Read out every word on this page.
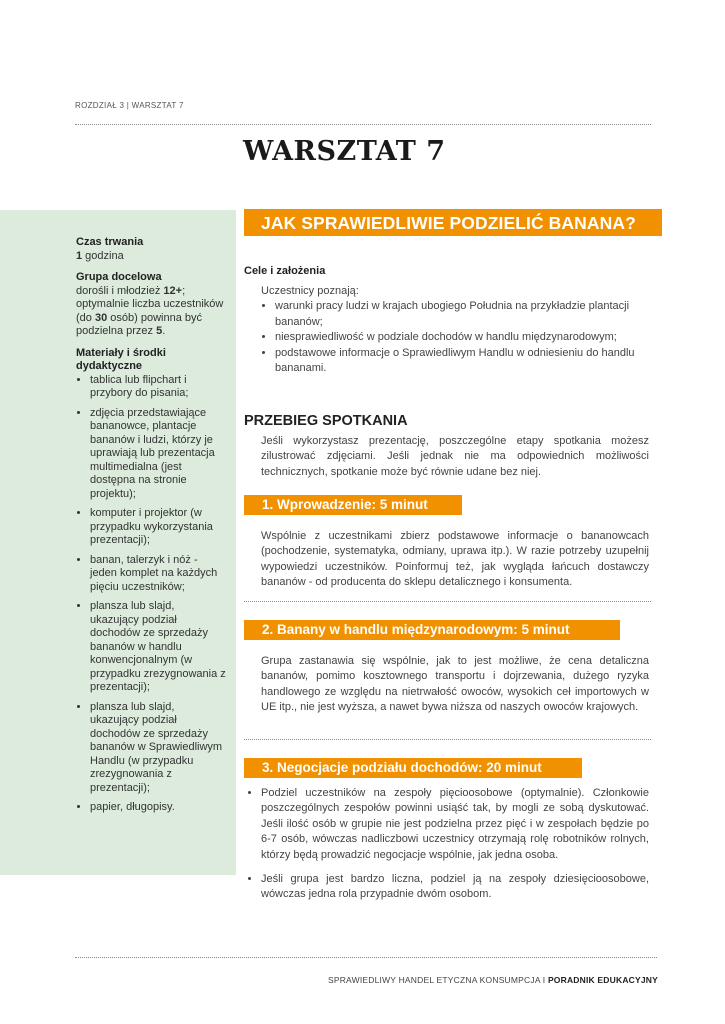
ROZDZIAŁ 3 | WARSZTAT 7
WARSZTAT 7
Czas trwania
1 godzina
Grupa docelowa
dorośli i młodzież 12+; optymalnie liczba uczestników (do 30 osób) powinna być podzielna przez 5.
Materiały i środki dydaktyczne
• tablica lub flipchart i przybory do pisania;
• zdjęcia przedstawiające bananowce, plantacje bananów i ludzi, którzy je uprawiają lub prezentacja multimedialna (jest dostępna na stronie projektu);
• komputer i projektor (w przypadku wykorzystania prezentacji);
• banan, talerzyk i nóż - jeden komplet na każdych pięciu uczestników;
• plansza lub slajd, ukazujący podział dochodów ze sprzedaży bananów w handlu konwencjonalnym (w przypadku zrezygnowania z prezentacji);
• plansza lub slajd, ukazujący podział dochodów ze sprzedaży bananów w Sprawiedliwym Handlu (w przypadku zrezygnowania z prezentacji);
• papier, długopisy.
JAK SPRAWIEDLIWIE PODZIELIĆ BANANA?
Cele i założenia
Uczestnicy poznają:
• warunki pracy ludzi w krajach ubogiego Południa na przykładzie plantacji bananów;
• niesprawiedliwość w podziale dochodów w handlu międzynarodowym;
• podstawowe informacje o Sprawiedliwym Handlu w odniesieniu do handlu bananami.
PRZEBIEG SPOTKANIA
Jeśli wykorzystasz prezentację, poszczególne etapy spotkania możesz zilustrować zdjęciami. Jeśli jednak nie ma odpowiednich możliwości technicznych, spotkanie może być równie udane bez niej.
1. Wprowadzenie: 5 minut
Wspólnie z uczestnikami zbierz podstawowe informacje o bananowcach (pochodzenie, systematyka, odmiany, uprawa itp.). W razie potrzeby uzupełnij wypowiedzi uczestników. Poinformuj też, jak wygląda łańcuch dostawczy bananów - od producenta do sklepu detalicznego i konsumenta.
2. Banany w handlu międzynarodowym: 5 minut
Grupa zastanawia się wspólnie, jak to jest możliwe, że cena detaliczna bananów, pomimo kosztownego transportu i dojrzewania, dużego ryzyka handlowego ze względu na nietrwałość owoców, wysokich ceł importowych w UE itp., nie jest wyższa, a nawet bywa niższa od naszych owoców krajowych.
3. Negocjacje podziału dochodów: 20 minut
• Podziel uczestników na zespoły pięcioosobowe (optymalnie). Członkowie poszczególnych zespołów powinni usiąść tak, by mogli ze sobą dyskutować. Jeśli ilość osób w grupie nie jest podzielna przez pięć i w zespołach będzie po 6-7 osób, wówczas nadliczbowi uczestnicy otrzymają rolę robotników rolnych, którzy będą prowadzić negocjacje wspólnie, jak jedna osoba.
• Jeśli grupa jest bardzo liczna, podziel ją na zespoły dziesięcioosobowe, wówczas jedna rola przypadnie dwóm osobom.
SPRAWIEDLIWY HANDEL ETYCZNA KONSUMPCJA I PORADNIK EDUKACYJNY
